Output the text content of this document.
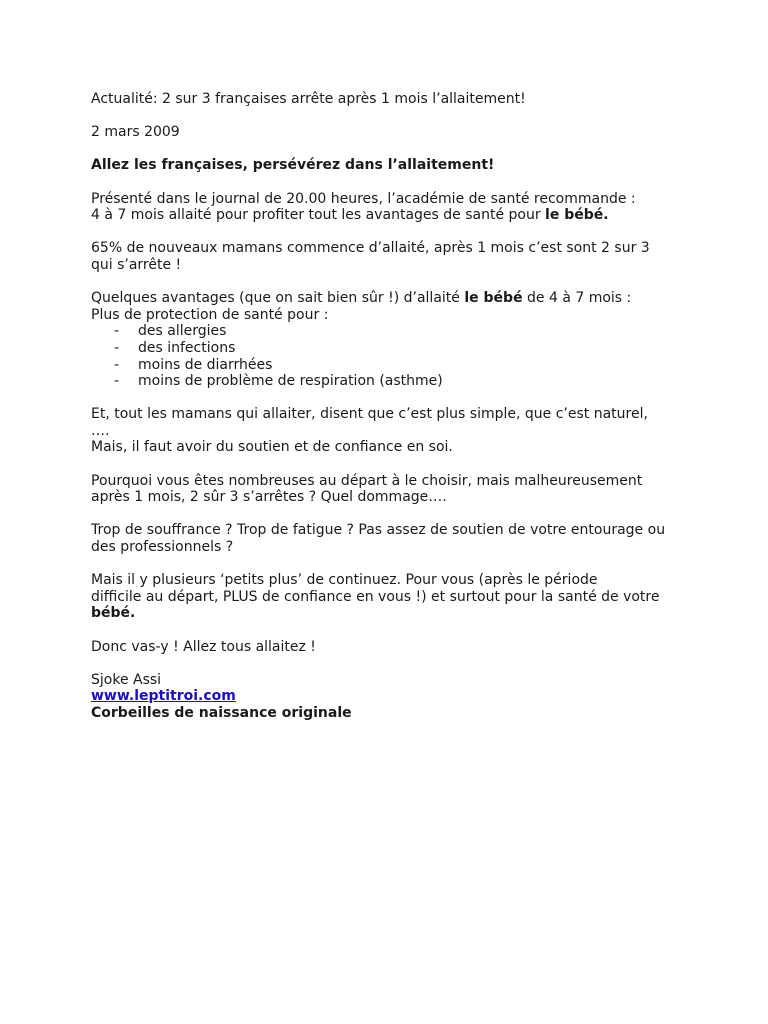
Actualité: 2 sur 3 françaises arrête après 1 mois l’allaitement!

2 mars 2009

Allez les françaises, persévérez dans l’allaitement!

Présenté dans le journal de 20.00 heures, l’académie de santé recommande :

4 à 7 mois allaité pour profiter tout les avantages de santé pour le bébé.

65% de nouveaux mamans commence d’allaité, après 1 mois c’est sont 2 sur 3

qui s’arrête !

Quelques avantages (que on sait bien sûr !) d’allaité le bébé de 4 à 7 mois :

Plus de protection de santé pour :

- des allergies
- des infections
- moins de diarrhées
- moins de problème de respiration (asthme)

Et, tout les mamans qui allaiter, disent que c’est plus simple, que c’est naturel,

….

Mais, il faut avoir du soutien et de confiance en soi.

Pourquoi vous êtes nombreuses au départ à le choisir, mais malheureusement

après 1 mois, 2 sûr 3 s’arrêtes ? Quel dommage….

Trop de souffrance ? Trop de fatigue ? Pas assez de soutien de votre entourage ou

des professionnels ?

Mais il y plusieurs ‘petits plus’ de continuez. Pour vous (après le période

difficile au départ, PLUS de confiance en vous !) et surtout pour la santé de votre

bébé.

Donc vas-y ! Allez tous allaitez !

Sjoke Assi

www.leptitroi.com

Corbeilles de naissance originale
